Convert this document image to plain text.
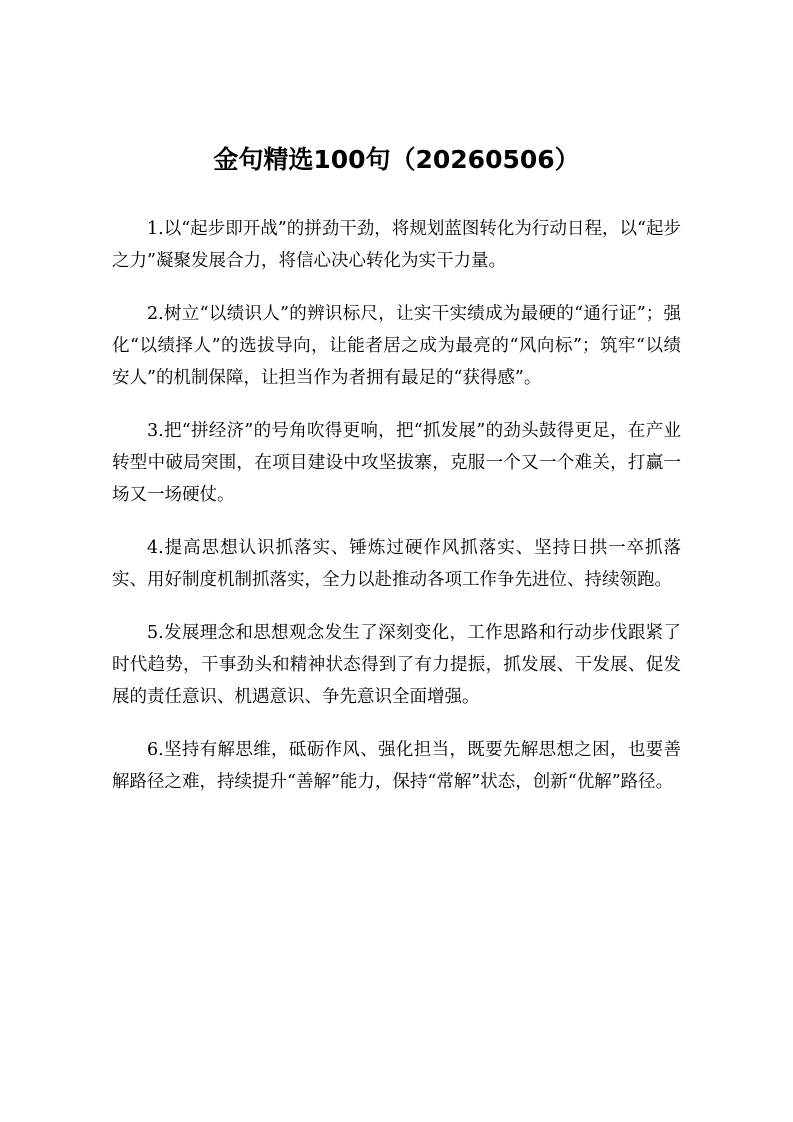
金句精选100句（20260506）

1.以“起步即开战”的拼劲干劲，将规划蓝图转化为行动日程，以“起步之力”凝聚发展合力，将信心决心转化为实干力量。

2.树立“以绩识人”的辨识标尺，让实干实绩成为最硬的“通行证”；强化“以绩择人”的选拔导向，让能者居之成为最亮的“风向标”；筑牢“以绩安人”的机制保障，让担当作为者拥有最足的“获得感”。

3.把“拼经济”的号角吹得更响，把“抓发展”的劲头鼓得更足，在产业转型中破局突围，在项目建设中攻坚拔寨，克服一个又一个难关，打赢一场又一场硬仗。

4.提高思想认识抓落实、锤炼过硬作风抓落实、坚持日拱一卒抓落实、用好制度机制抓落实，全力以赴推动各项工作争先进位、持续领跑。

5.发展理念和思想观念发生了深刻变化，工作思路和行动步伐跟紧了时代趋势，干事劲头和精神状态得到了有力提振，抓发展、干发展、促发展的责任意识、机遇意识、争先意识全面增强。

6.坚持有解思维，砥砺作风、强化担当，既要先解思想之困，也要善解路径之难，持续提升“善解”能力，保持“常解”状态，创新“优解”路径。
